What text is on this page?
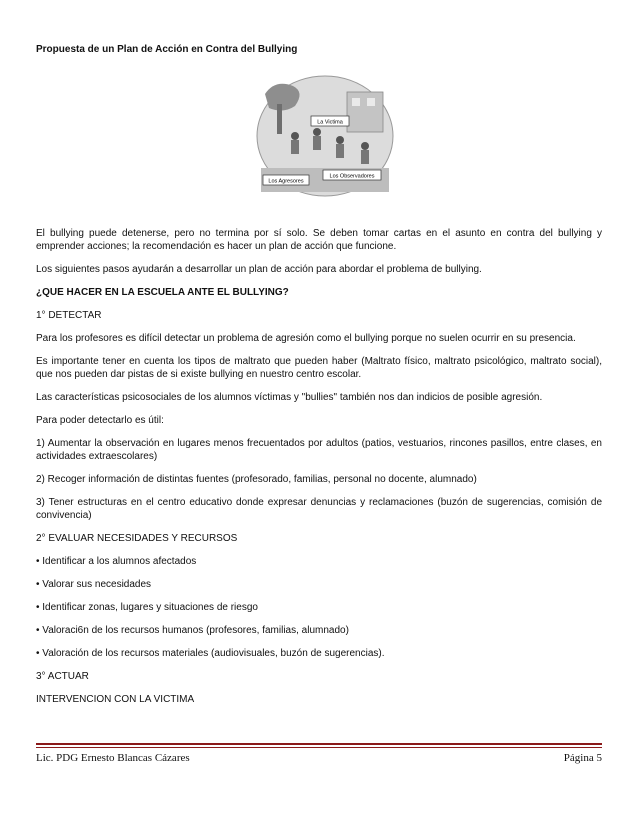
Propuesta de un Plan de Acción en Contra del Bullying
La Victima
Los Agresores
Los Observadores

El bullying puede detenerse, pero no termina por sí solo. Se deben tomar cartas en el asunto en contra del bullying y emprender acciones; la recomendación es hacer un plan de acción que funcione.

Los siguientes pasos ayudarán a desarrollar un plan de acción para abordar el problema de bullying.

¿QUE HACER EN LA ESCUELA ANTE EL BULLYING?

1° DETECTAR

Para los profesores es difícil detectar un problema de agresión como el bullying porque no suelen ocurrir en su presencia.

Es importante tener en cuenta los tipos de maltrato que pueden haber (Maltrato físico, maltrato psicológico, maltrato social), que nos pueden dar pistas de si existe bullying en nuestro centro escolar.

Las características psicosociales de los alumnos víctimas y "bullies" también nos dan indicios de posible agresión.

Para poder detectarlo es útil:

1) Aumentar la observación en lugares menos frecuentados por adultos (patios, vestuarios, rincones pasillos, entre clases, en actividades extraescolares)

2) Recoger información de distintas fuentes (profesorado, familias, personal no docente, alumnado)

3) Tener estructuras en el centro educativo donde expresar denuncias y reclamaciones (buzón de sugerencias, comisión de convivencia)

2° EVALUAR NECESIDADES Y RECURSOS

• Identificar a los alumnos afectados

• Valorar sus necesidades

• Identificar zonas, lugares y situaciones de riesgo

• Valoraci6n de los recursos humanos (profesores, familias, alumnado)

• Valoración de los recursos materiales (audiovisuales, buzón de sugerencias).

3° ACTUAR

INTERVENCION CON LA VICTIMA

Lic. PDG Ernesto Blancas Cázares	Página 5
